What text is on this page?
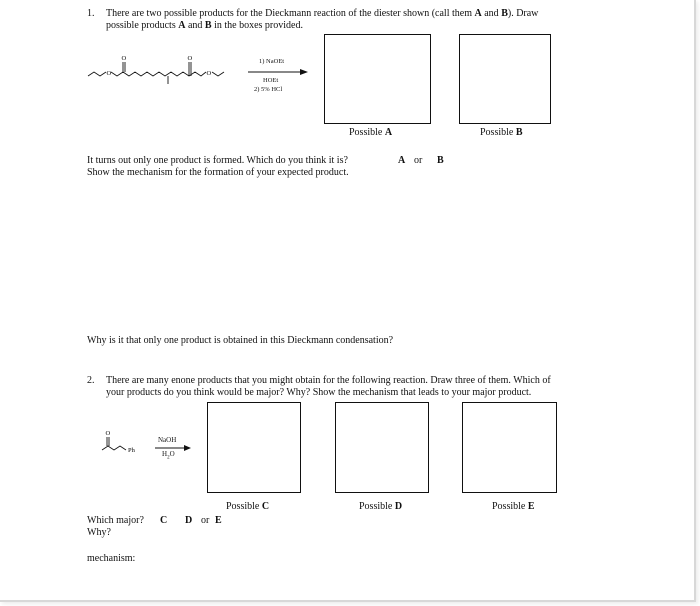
1. There are two possible products for the Dieckmann reaction of the diester shown (call them A and B). Draw
possible products A and B in the boxes provided.
O
O
O
O
1) NaOEt
HOEt
2) 5% HCl
Possible A	Possible B
It turns out only one product is formed. Which do you think it is?	A or B
Show the mechanism for the formation of your expected product.
Why is it that only one product is obtained in this Dieckmann condensation?
2. There are many enone products that you might obtain for the following reaction. Draw three of them. Which of
your products do you think would be major? Why? Show the mechanism that leads to your major product.
O
Ph →
NaOH
$H_2O$
Possible C	Possible D	Possible E
Which major? C D or E
Why?
mechanism:
